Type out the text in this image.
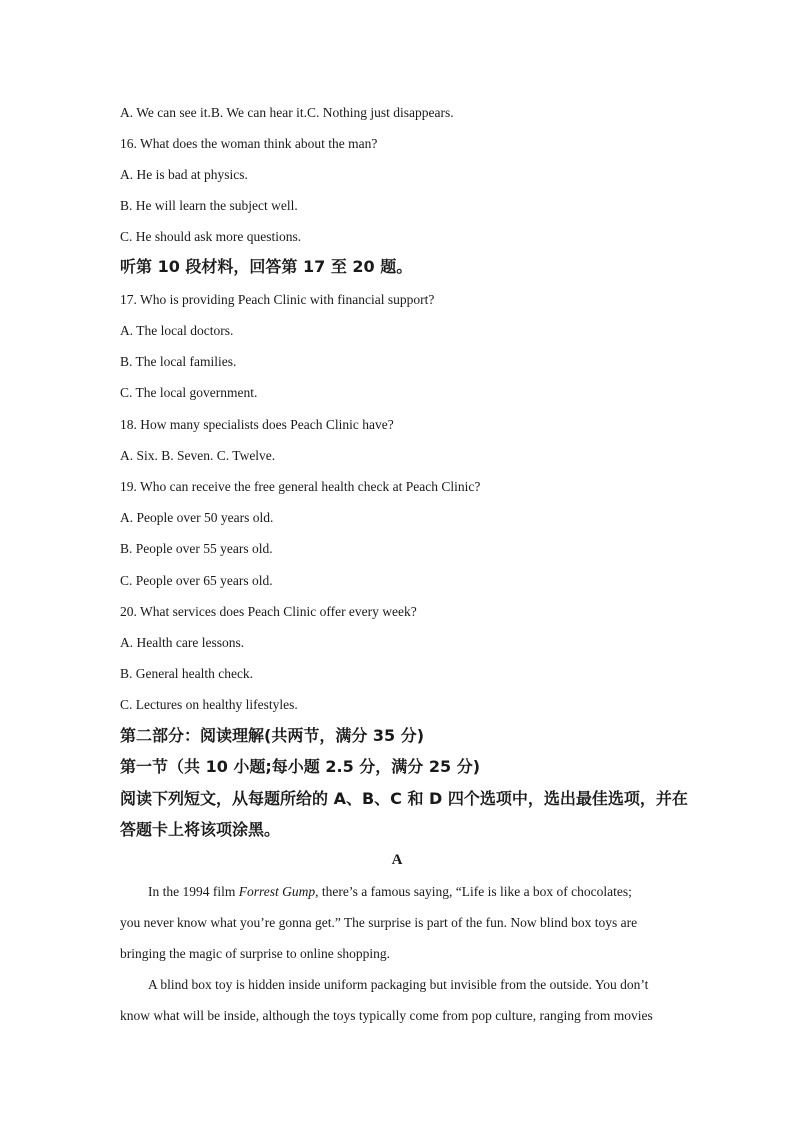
A. We can see it.B. We can hear it.C. Nothing just disappears.
16. What does the woman think about the man?
A. He is bad at physics.
B. He will learn the subject well.
C. He should ask more questions.
听第 10 段材料，回答第 17 至 20 题。
17. Who is providing Peach Clinic with financial support?
A. The local doctors.
B. The local families.
C. The local government.
18. How many specialists does Peach Clinic have?
A. Six. B. Seven. C. Twelve.
19. Who can receive the free general health check at Peach Clinic?
A. People over 50 years old.
B. People over 55 years old.
C. People over 65 years old.
20. What services does Peach Clinic offer every week?
A. Health care lessons.
B. General health check.
C. Lectures on healthy lifestyles.
第二部分：阅读理解(共两节，满分 35 分)
第一节（共 10 小题;每小题 2.5 分，满分 25 分)
阅读下列短文，从每题所给的 A、B、C 和 D 四个选项中，选出最佳选项，并在
答题卡上将该项涂黑。
A
In the 1994 film Forrest Gump, there’s a famous saying, “Life is like a box of chocolates;
you never know what you’re gonna get.” The surprise is part of the fun. Now blind box toys are
bringing the magic of surprise to online shopping.
A blind box toy is hidden inside uniform packaging but invisible from the outside. You don’t
know what will be inside, although the toys typically come from pop culture, ranging from movies
